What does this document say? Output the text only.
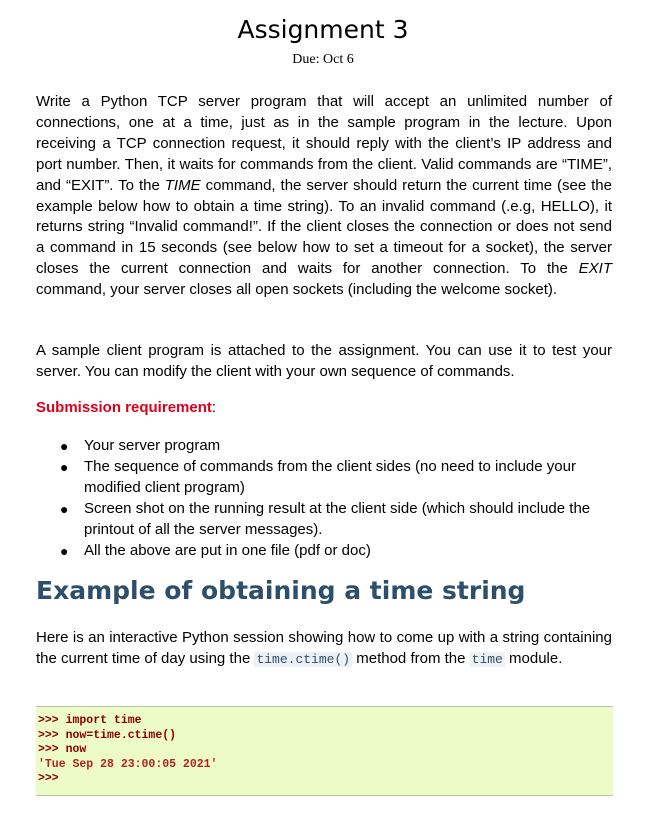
Assignment 3
Due: Oct 6

Write a Python TCP server program that will accept an unlimited number of connections, one at a time, just as in the sample program in the lecture. Upon receiving a TCP connection request, it should reply with the client’s IP address and port number. Then, it waits for commands from the client. Valid commands are “TIME”, and “EXIT”. To the TIME command, the server should return the current time (see the example below how to obtain a time string). To an invalid command (.e.g, HELLO), it returns string “Invalid command!”. If the client closes the connection or does not send a command in 15 seconds (see below how to set a timeout for a socket), the server closes the current connection and waits for another connection. To the EXIT command, your server closes all open sockets (including the welcome socket).

A sample client program is attached to the assignment. You can use it to test your server. You can modify the client with your own sequence of commands.

Submission requirement:
● Your server program
● The sequence of commands from the client sides (no need to include your modified client program)
● Screen shot on the running result at the client side (which should include the printout of all the server messages).
● All the above are put in one file (pdf or doc)
Example of obtaining a time string

Here is an interactive Python session showing how to come up with a string containing the current time of day using the time.ctime() method from the time module.

>>> import time
>>> now=time.ctime()
>>> now
'Tue Sep 28 23:00:05 2021'
>>>
